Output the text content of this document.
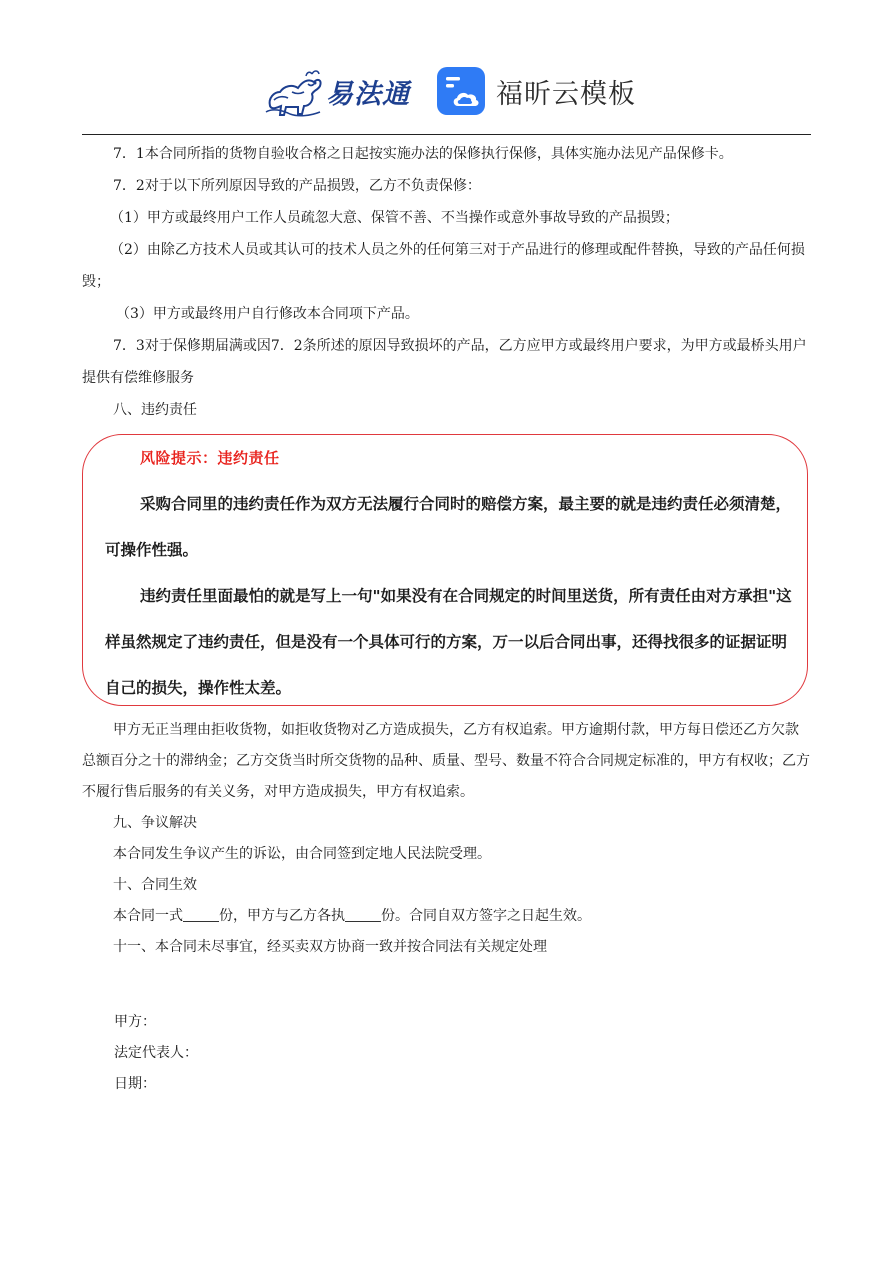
易法通	福昕云模板

7．1本合同所指的货物自验收合格之日起按实施办法的保修执行保修，具体实施办法见产品保修卡。

7．2对于以下所列原因导致的产品损毁，乙方不负责保修：

（1）甲方或最终用户工作人员疏忽大意、保管不善、不当操作或意外事故导致的产品损毁；

（2）由除乙方技术人员或其认可的技术人员之外的任何第三对于产品进行的修理或配件替换，导致的产品任何损毁；

（3）甲方或最终用户自行修改本合同项下产品。

7．3对于保修期届满或因7．2条所述的原因导致损坏的产品，乙方应甲方或最终用户要求，为甲方或最桥头用户提供有偿维修服务

八、违约责任

风险提示：违约责任

采购合同里的违约责任作为双方无法履行合同时的赔偿方案，最主要的就是违约责任必须清楚，可操作性强。

违约责任里面最怕的就是写上一句"如果没有在合同规定的时间里送货，所有责任由对方承担"这样虽然规定了违约责任，但是没有一个具体可行的方案，万一以后合同出事，还得找很多的证据证明自己的损失，操作性太差。

甲方无正当理由拒收货物，如拒收货物对乙方造成损失，乙方有权追索。甲方逾期付款，甲方每日偿还乙方欠款总额百分之十的滞纳金；乙方交货当时所交货物的品种、质量、型号、数量不符合合同规定标准的，甲方有权收；乙方不履行售后服务的有关义务，对甲方造成损失，甲方有权追索。

九、争议解决

本合同发生争议产生的诉讼，由合同签到定地人民法院受理。

十、合同生效

本合同一式	份，甲方与乙方各执	份。合同自双方签字之日起生效。

十一、本合同未尽事宜，经买卖双方协商一致并按合同法有关规定处理

甲方：

法定代表人：

日期：
